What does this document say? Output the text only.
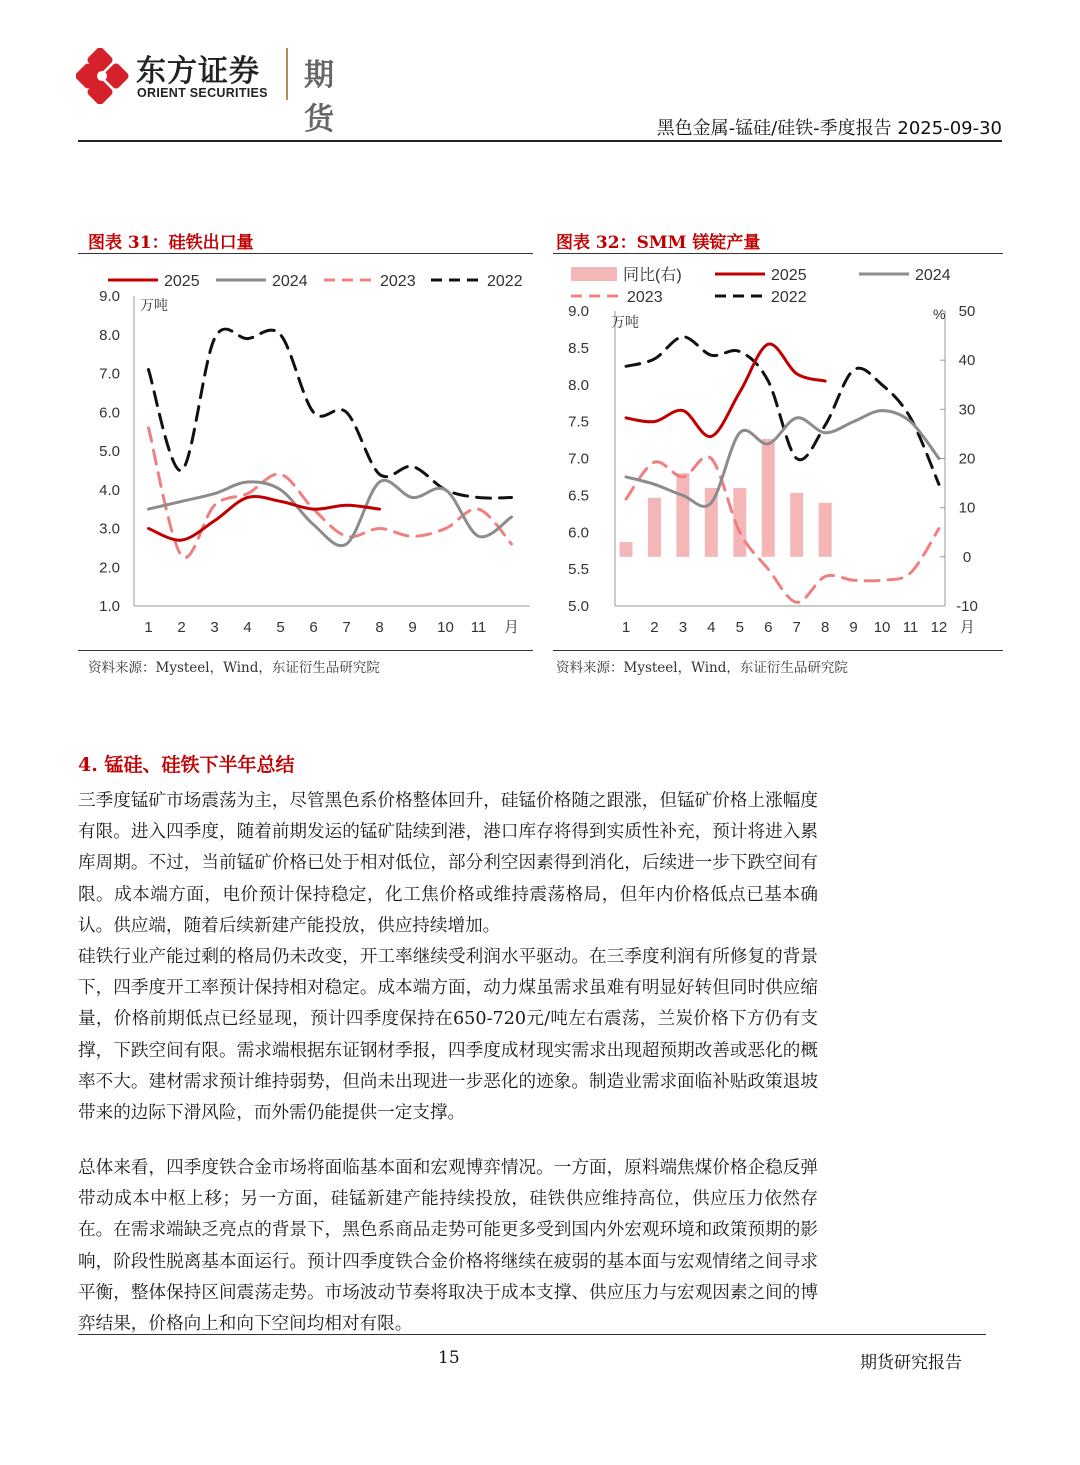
东方证券
ORIENT SECURITIES 期货	黑色金属-锰硅/硅铁-季度报告 2025-09-30
图表 31：硅铁出口量
万吨
1.0
2.0
3.0
4.0
5.0
6.0
7.0
8.0
9.0
1 2 3 4 5 6 7 8 9 10 11 月
2025	2024	2023	2022
资料来源：Mysteel，Wind，东证衍生品研究院
图表 32：SMM 镁锭产量
万吨	%
5.0
5.5
6.0
6.5
7.0
7.5
8.0
8.5
9.0
-10
0
10
20
30
40
50
1 2 3 4 5 6 7 8 9 10 11 12 月
同比(右)	2025	2024
2023	2022
资料来源：Mysteel，Wind，东证衍生品研究院
4. 锰硅、硅铁下半年总结

三季度锰矿市场震荡为主，尽管黑色系价格整体回升，硅锰价格随之跟涨，但锰矿价格上涨幅度有限。进入四季度，随着前期发运的锰矿陆续到港，港口库存将得到实质性补充，预计将进入累库周期。不过，当前锰矿价格已处于相对低位，部分利空因素得到消化，后续进一步下跌空间有限。成本端方面，电价预计保持稳定，化工焦价格或维持震荡格局，但年内价格低点已基本确认。供应端，随着后续新建产能投放，供应持续增加。

硅铁行业产能过剩的格局仍未改变，开工率继续受利润水平驱动。在三季度利润有所修复的背景下，四季度开工率预计保持相对稳定。成本端方面，动力煤虽需求虽难有明显好转但同时供应缩量，价格前期低点已经显现，预计四季度保持在650-720元/吨左右震荡，兰炭价格下方仍有支撑，下跌空间有限。需求端根据东证钢材季报，四季度成材现实需求出现超预期改善或恶化的概率不大。建材需求预计维持弱势，但尚未出现进一步恶化的迹象。制造业需求面临补贴政策退坡带来的边际下滑风险，而外需仍能提供一定支撑。

总体来看，四季度铁合金市场将面临基本面和宏观博弈情况。一方面，原料端焦煤价格企稳反弹带动成本中枢上移；另一方面，硅锰新建产能持续投放，硅铁供应维持高位，供应压力依然存在。在需求端缺乏亮点的背景下，黑色系商品走势可能更多受到国内外宏观环境和政策预期的影响，阶段性脱离基本面运行。预计四季度铁合金价格将继续在疲弱的基本面与宏观情绪之间寻求平衡，整体保持区间震荡走势。市场波动节奏将取决于成本支撑、供应压力与宏观因素之间的博弈结果，价格向上和向下空间均相对有限。

15	期货研究报告
